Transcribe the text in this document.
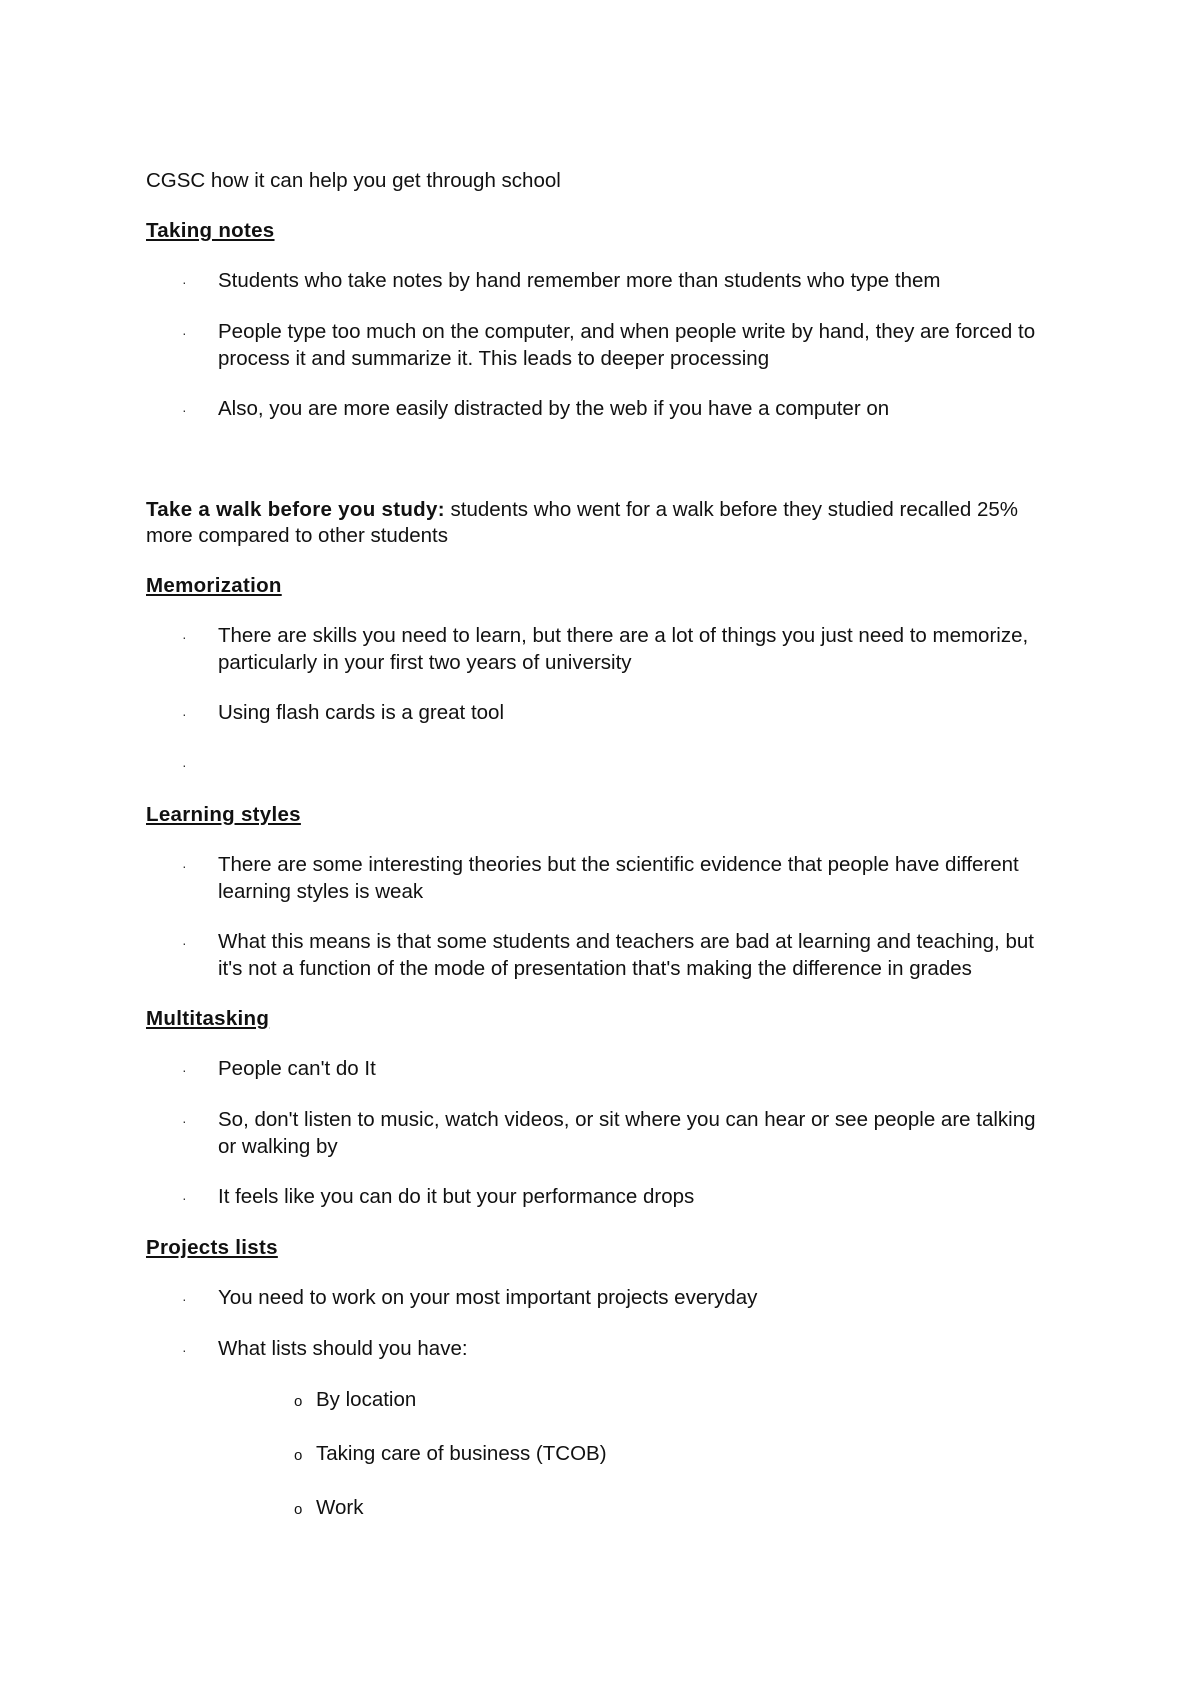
CGSC how it can help you get through school
Taking notes
· Students who take notes by hand remember more than students who type them
· People type too much on the computer, and when people write by hand, they are forced to process it and summarize it. This leads to deeper processing
· Also, you are more easily distracted by the web if you have a computer on
Take a walk before you study: students who went for a walk before they studied recalled 25% more compared to other students
Memorization
· There are skills you need to learn, but there are a lot of things you just need to memorize, particularly in your first two years of university
· Using flash cards is a great tool
·
Learning styles
· There are some interesting theories but the scientific evidence that people have different learning styles is weak
· What this means is that some students and teachers are bad at learning and teaching, but it's not a function of the mode of presentation that's making the difference in grades
Multitasking
· People can't do It
· So, don't listen to music, watch videos, or sit where you can hear or see people are talking or walking by
· It feels like you can do it but your performance drops
Projects lists
· You need to work on your most important projects everyday
· What lists should you have:
o By location
o Taking care of business (TCOB)
o Work
